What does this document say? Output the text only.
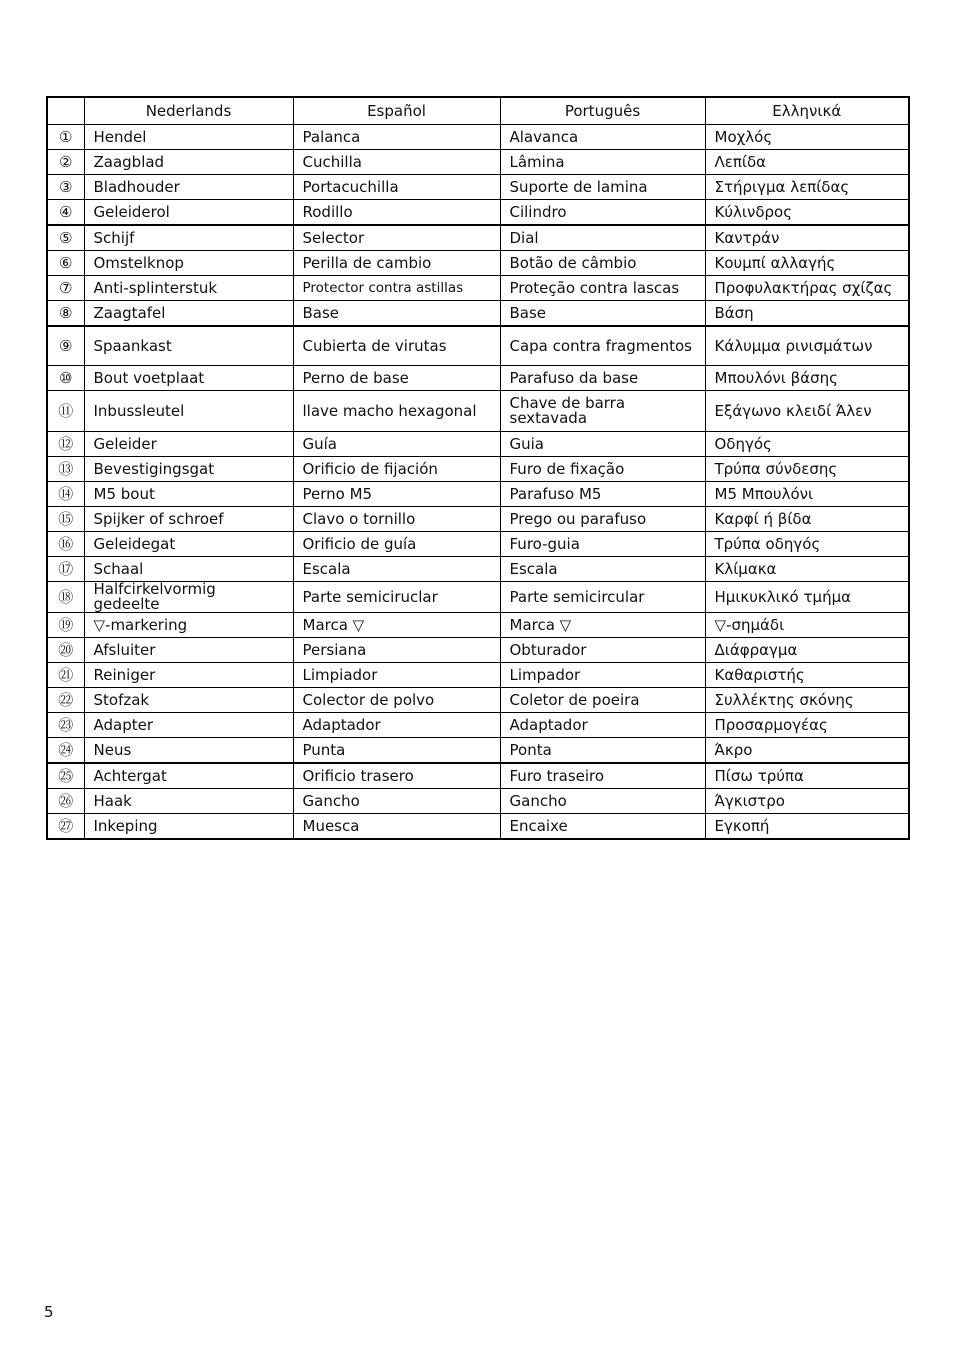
	Nederlands	Español	Português	Ελληνικά
①	Hendel	Palanca	Alavanca	Μοχλός
②	Zaagblad	Cuchilla	Lâmina	Λεπίδα
③	Bladhouder	Portacuchilla	Suporte de lamina	Στήριγμα λεπίδας
④	Geleiderol	Rodillo	Cilindro	Κύλινδρος
⑤	Schijf	Selector	Dial	Καντράν
⑥	Omstelknop	Perilla de cambio	Botão de câmbio	Κουμπί αλλαγής
⑦	Anti-splinterstuk	Protector contra astillas	Proteção contra lascas	Προφυλακτήρας σχίζας
⑧	Zaagtafel	Base	Base	Βάση
⑨	Spaankast	Cubierta de virutas	Capa contra fragmentos	Κάλυμμα ρινισμάτων
⑩	Bout voetplaat	Perno de base	Parafuso da base	Μπουλόνι βάσης
⑪	Inbussleutel	llave macho hexagonal	Chave de barra sextavada	Εξάγωνο κλειδί Άλεν
⑫	Geleider	Guía	Guia	Οδηγός
⑬	Bevestigingsgat	Orificio de fijación	Furo de fixação	Τρύπα σύνδεσης
⑭	M5 bout	Perno M5	Parafuso M5	Μ5 Μπουλόνι
⑮	Spijker of schroef	Clavo o tornillo	Prego ou parafuso	Καρφί ή βίδα
⑯	Geleidegat	Orificio de guía	Furo-guia	Τρύπα οδηγός
⑰	Schaal	Escala	Escala	Κλίμακα
⑱	Halfcirkelvormig gedeelte	Parte semiciruclar	Parte semicircular	Ημικυκλικό τμήμα
⑲	▽-markering	Marca ▽	Marca ▽	▽-σημάδι
⑳	Afsluiter	Persiana	Obturador	Διάφραγμα
㉑	Reiniger	Limpiador	Limpador	Καθαριστής
㉒	Stofzak	Colector de polvo	Coletor de poeira	Συλλέκτης σκόνης
㉓	Adapter	Adaptador	Adaptador	Προσαρμογέας
㉔	Neus	Punta	Ponta	Άκρο
㉕	Achtergat	Orificio trasero	Furo traseiro	Πίσω τρύπα
㉖	Haak	Gancho	Gancho	Άγκιστρο
㉗	Inkeping	Muesca	Encaixe	Εγκοπή
5
